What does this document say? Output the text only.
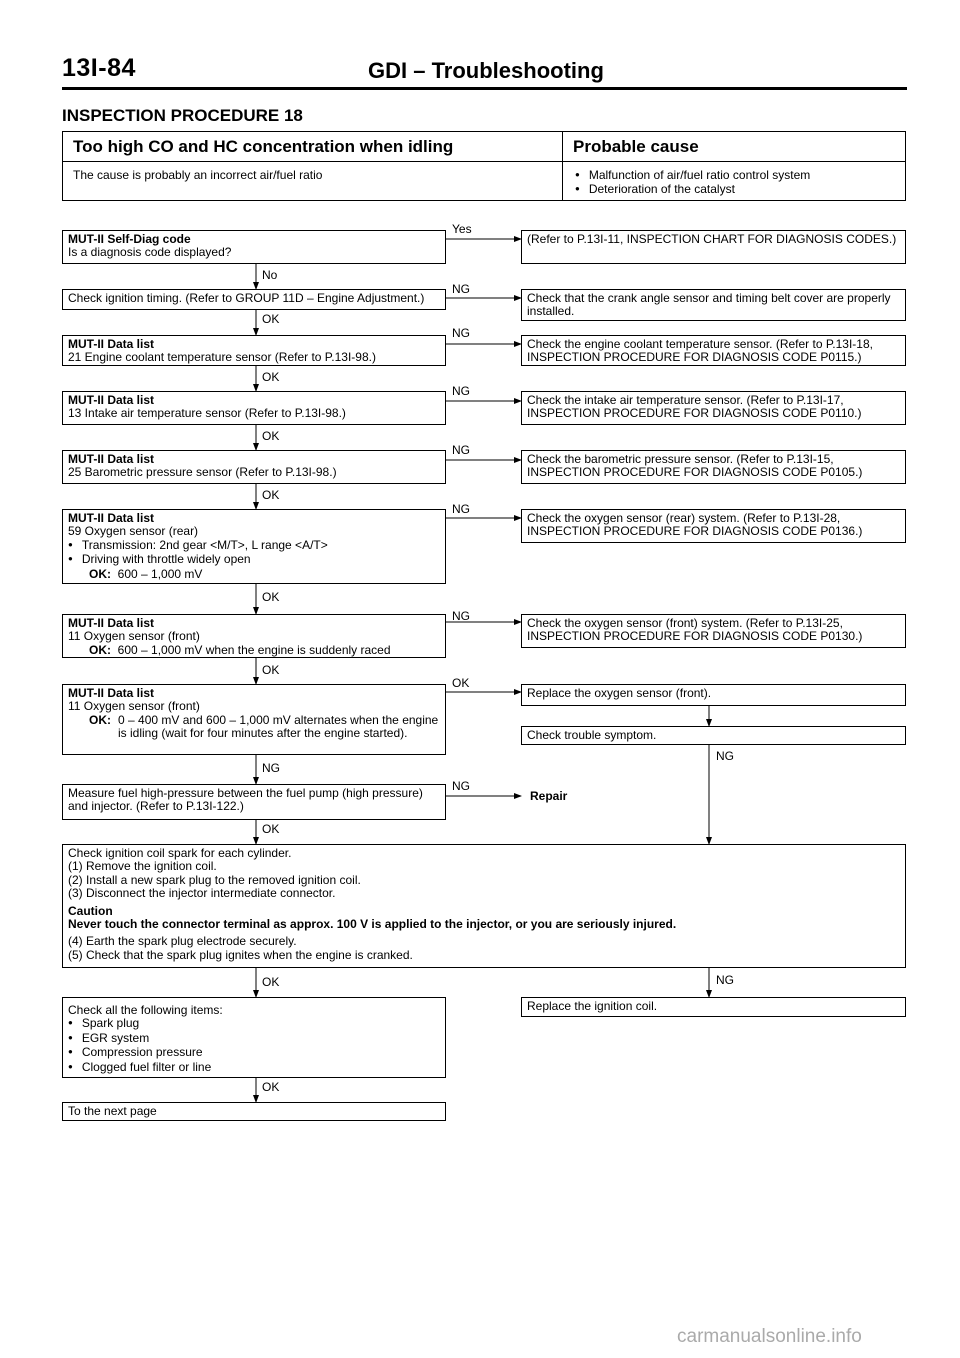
13I-84	GDI – Troubleshooting
INSPECTION PROCEDURE 18
Too high CO and HC concentration when idling	Probable cause
The cause is probably an incorrect air/fuel ratio
●	Malfunction of air/fuel ratio control system
● Deterioration of the catalyst
Yes
No
NG
OK
NG
OK
NG
OK
NG
OK
NG
OK
NG
OK
OK
NG
NG
NG
OK
OK	NG
OK
MUT-II Self-Diag code
Is a diagnosis code displayed?
Check ignition timing. (Refer to GROUP 11D – Engine Adjustment.)
MUT-II Data list
21 Engine coolant temperature sensor (Refer to P.13I-98.)
MUT-II Data list
13 Intake air temperature sensor (Refer to P.13I-98.)
MUT-II Data list
25 Barometric pressure sensor (Refer to P.13I-98.)
MUT-II Data list
59 Oxygen sensor (rear)
● Transmission: 2nd gear <M/T>, L range <A/T>
● Driving with throttle widely open
OK: 600 – 1,000 mV
MUT-II Data list
11 Oxygen sensor (front)
OK: 600 – 1,000 mV when the engine is suddenly raced
MUT-II Data list
11 Oxygen sensor (front)

OK: 0 – 400 mV and 600 – 1,000 mV alternates when the engine is idling (wait for four minutes after the engine started).
Measure fuel high-pressure between the fuel pump (high pressure) and injector. (Refer to P.13I-122.)
Check ignition coil spark for each cylinder.
(1) Remove the ignition coil.
(2) Install a new spark plug to the removed ignition coil.
(3) Disconnect the injector intermediate connector.
Caution
Never touch the connector terminal as approx. 100 V is applied to the injector, or you are seriously injured.
(4) Earth the spark plug electrode securely.
(5) Check that the spark plug ignites when the engine is cranked.
Check all the following items:
● Spark plug
● EGR system
● Compression pressure
● Clogged fuel filter or line
To the next page
(Refer to P.13I-11, INSPECTION CHART FOR DIAGNOSIS CODES.)
Check that the crank angle sensor and timing belt cover are properly installed.
Check the engine coolant temperature sensor. (Refer to P.13I-18, INSPECTION PROCEDURE FOR DIAGNOSIS CODE P0115.)
Check the intake air temperature sensor. (Refer to P.13I-17, INSPECTION PROCEDURE FOR DIAGNOSIS CODE P0110.)
Check the barometric pressure sensor. (Refer to P.13I-15, INSPECTION PROCEDURE FOR DIAGNOSIS CODE P0105.)
Check the oxygen sensor (rear) system. (Refer to P.13I-28, INSPECTION PROCEDURE FOR DIAGNOSIS CODE P0136.)
Check the oxygen sensor (front) system. (Refer to P.13I-25, INSPECTION PROCEDURE FOR DIAGNOSIS CODE P0130.)
Replace the oxygen sensor (front).
Check trouble symptom.
Repair
Replace the ignition coil.
carmanualsonline.info
